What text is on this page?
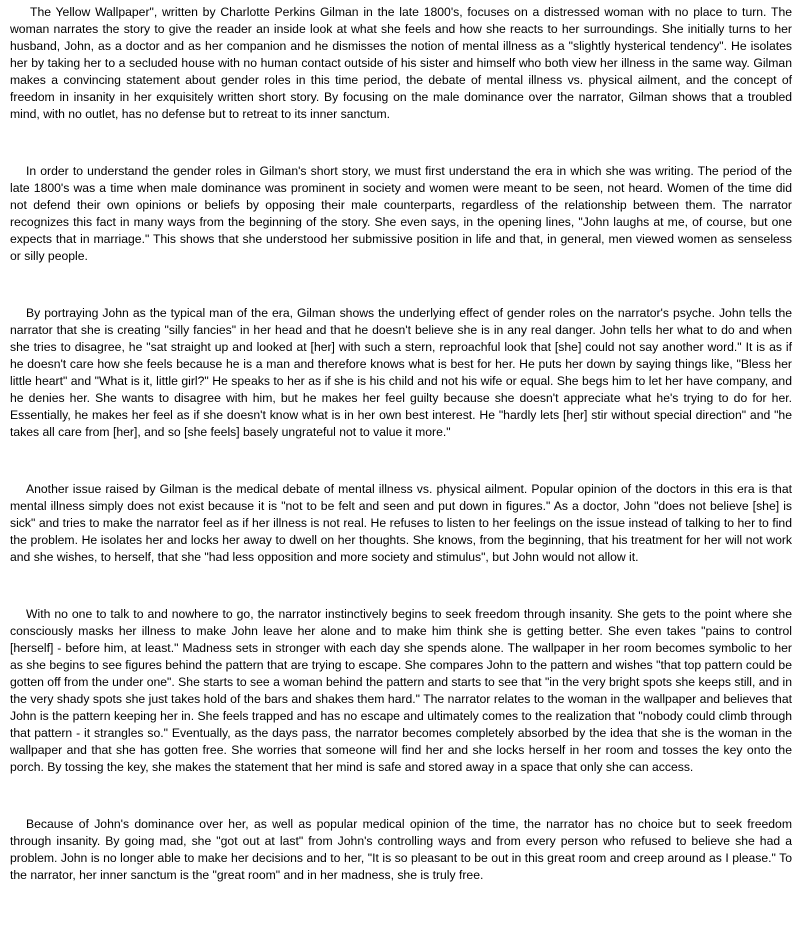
The Yellow Wallpaper", written by Charlotte Perkins Gilman in the late 1800's, focuses on a distressed woman with no place to turn. The woman narrates the story to give the reader an inside look at what she feels and how she reacts to her surroundings. She initially turns to her husband, John, as a doctor and as her companion and he dismisses the notion of mental illness as a "slightly hysterical tendency". He isolates her by taking her to a secluded house with no human contact outside of his sister and himself who both view her illness in the same way. Gilman makes a convincing statement about gender roles in this time period, the debate of mental illness vs. physical ailment, and the concept of freedom in insanity in her exquisitely written short story. By focusing on the male dominance over the narrator, Gilman shows that a troubled mind, with no outlet, has no defense but to retreat to its inner sanctum.

In order to understand the gender roles in Gilman's short story, we must first understand the era in which she was writing. The period of the late 1800's was a time when male dominance was prominent in society and women were meant to be seen, not heard. Women of the time did not defend their own opinions or beliefs by opposing their male counterparts, regardless of the relationship between them. The narrator recognizes this fact in many ways from the beginning of the story. She even says, in the opening lines, "John laughs at me, of course, but one expects that in marriage." This shows that she understood her submissive position in life and that, in general, men viewed women as senseless or silly people.

By portraying John as the typical man of the era, Gilman shows the underlying effect of gender roles on the narrator's psyche. John tells the narrator that she is creating "silly fancies" in her head and that he doesn't believe she is in any real danger. John tells her what to do and when she tries to disagree, he "sat straight up and looked at [her] with such a stern, reproachful look that [she] could not say another word." It is as if he doesn't care how she feels because he is a man and therefore knows what is best for her. He puts her down by saying things like, "Bless her little heart" and "What is it, little girl?" He speaks to her as if she is his child and not his wife or equal. She begs him to let her have company, and he denies her. She wants to disagree with him, but he makes her feel guilty because she doesn't appreciate what he's trying to do for her. Essentially, he makes her feel as if she doesn't know what is in her own best interest. He "hardly lets [her] stir without special direction" and "he takes all care from [her], and so [she feels] basely ungrateful not to value it more."

Another issue raised by Gilman is the medical debate of mental illness vs. physical ailment. Popular opinion of the doctors in this era is that mental illness simply does not exist because it is "not to be felt and seen and put down in figures." As a doctor, John "does not believe [she] is sick" and tries to make the narrator feel as if her illness is not real. He refuses to listen to her feelings on the issue instead of talking to her to find the problem. He isolates her and locks her away to dwell on her thoughts. She knows, from the beginning, that his treatment for her will not work and she wishes, to herself, that she "had less opposition and more society and stimulus", but John would not allow it.

With no one to talk to and nowhere to go, the narrator instinctively begins to seek freedom through insanity. She gets to the point where she consciously masks her illness to make John leave her alone and to make him think she is getting better. She even takes "pains to control [herself] - before him, at least." Madness sets in stronger with each day she spends alone. The wallpaper in her room becomes symbolic to her as she begins to see figures behind the pattern that are trying to escape. She compares John to the pattern and wishes "that top pattern could be gotten off from the under one". She starts to see a woman behind the pattern and starts to see that "in the very bright spots she keeps still, and in the very shady spots she just takes hold of the bars and shakes them hard." The narrator relates to the woman in the wallpaper and believes that John is the pattern keeping her in. She feels trapped and has no escape and ultimately comes to the realization that "nobody could climb through that pattern - it strangles so." Eventually, as the days pass, the narrator becomes completely absorbed by the idea that she is the woman in the wallpaper and that she has gotten free. She worries that someone will find her and she locks herself in her room and tosses the key onto the porch. By tossing the key, she makes the statement that her mind is safe and stored away in a space that only she can access.

Because of John's dominance over her, as well as popular medical opinion of the time, the narrator has no choice but to seek freedom through insanity. By going mad, she "got out at last" from John's controlling ways and from every person who refused to believe she had a problem. John is no longer able to make her decisions and to her, "It is so pleasant to be out in this great room and creep around as I please." To the narrator, her inner sanctum is the "great room" and in her madness, she is truly free.
